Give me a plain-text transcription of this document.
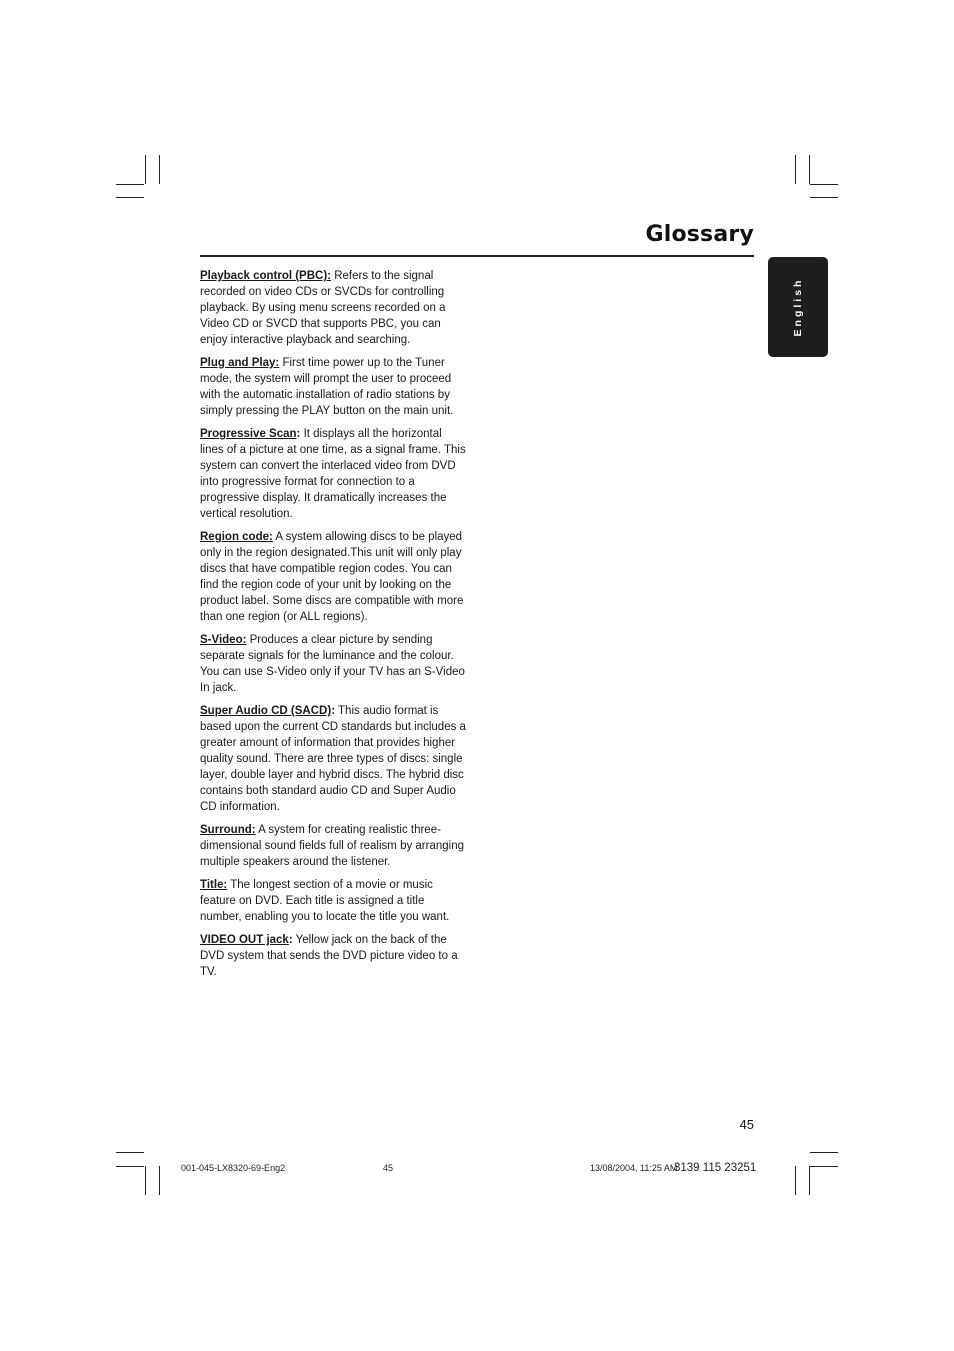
Glossary
English

Playback control (PBC): Refers to the signal recorded on video CDs or SVCDs for controlling playback. By using menu screens recorded on a Video CD or SVCD that supports PBC, you can enjoy interactive playback and searching.

Plug and Play: First time power up to the Tuner mode, the system will prompt the user to proceed with the automatic installation of radio stations by simply pressing the PLAY button on the main unit.

Progressive Scan: It displays all the horizontal lines of a picture at one time, as a signal frame. This system can convert the interlaced video from DVD into progressive format for connection to a progressive display. It dramatically increases the vertical resolution.

Region code: A system allowing discs to be played only in the region designated.This unit will only play discs that have compatible region codes. You can find the region code of your unit by looking on the product label. Some discs are compatible with more than one region (or ALL regions).

S-Video: Produces a clear picture by sending separate signals for the luminance and the colour. You can use S-Video only if your TV has an S-Video In jack.

Super Audio CD (SACD): This audio format is based upon the current CD standards but includes a greater amount of information that provides higher quality sound. There are three types of discs: single layer, double layer and hybrid discs. The hybrid disc contains both standard audio CD and Super Audio CD information.

Surround: A system for creating realistic three-dimensional sound fields full of realism by arranging multiple speakers around the listener.

Title: The longest section of a movie or music feature on DVD. Each title is assigned a title number, enabling you to locate the title you want.

VIDEO OUT jack: Yellow jack on the back of the DVD system that sends the DVD picture video to a TV.

45
001-045-LX8320-69-Eng2	45	13/08/2004, 11:25 AM
3139 115 23251
